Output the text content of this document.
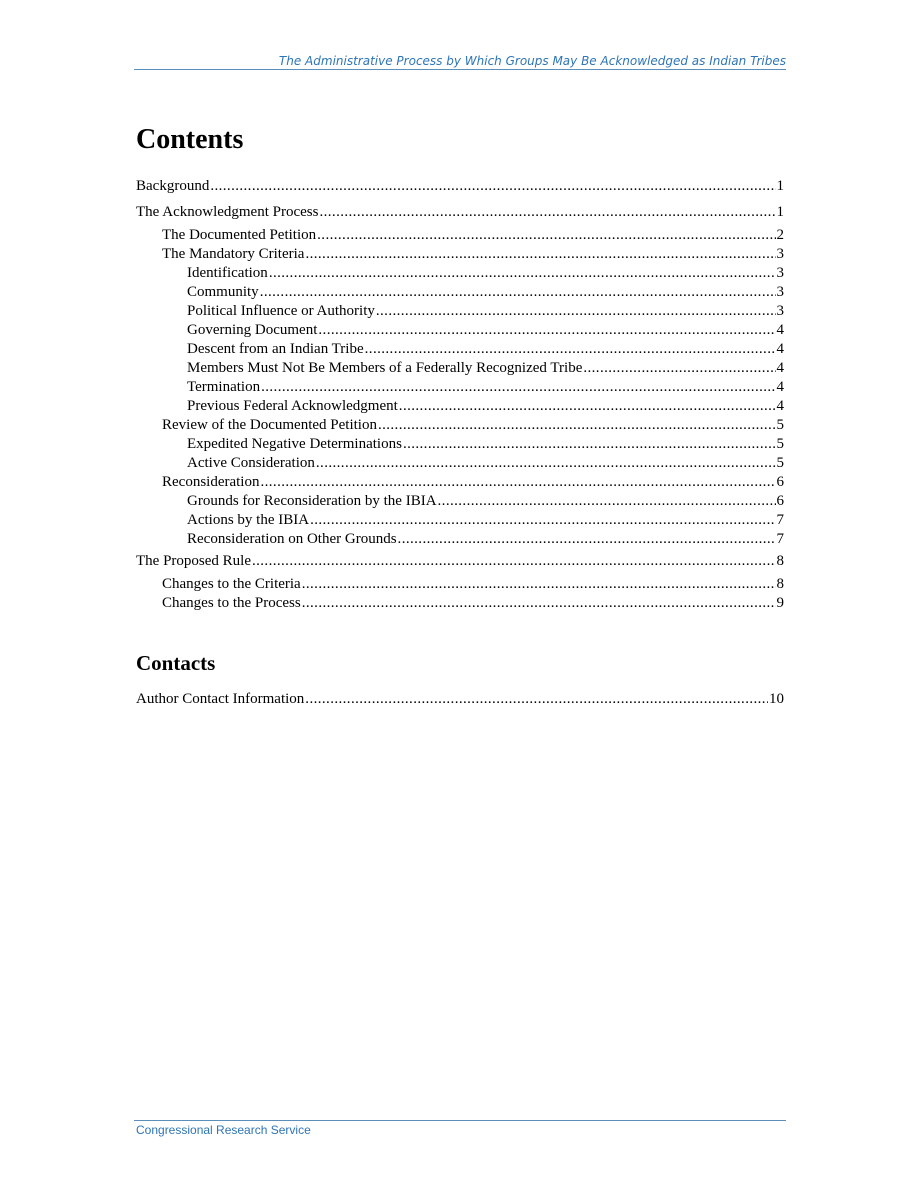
The Administrative Process by Which Groups May Be Acknowledged as Indian Tribes
Contents
Background .....	1
The Acknowledgment Process .....	1
The Documented Petition .....	2
The Mandatory Criteria .....	3
Identification .....	3
Community .....	3
Political Influence or Authority .....	3
Governing Document .....	4
Descent from an Indian Tribe .....	4
Members Must Not Be Members of a Federally Recognized Tribe .....	4
Termination .....	4
Previous Federal Acknowledgment .....	4
Review of the Documented Petition .....	5
Expedited Negative Determinations .....	5
Active Consideration .....	5
Reconsideration .....	6
Grounds for Reconsideration by the IBIA .....	6
Actions by the IBIA .....	7
Reconsideration on Other Grounds .....	7
The Proposed Rule .....	8
Changes to the Criteria .....	8
Changes to the Process .....	9
Contacts
Author Contact Information .....	10
Congressional Research Service
